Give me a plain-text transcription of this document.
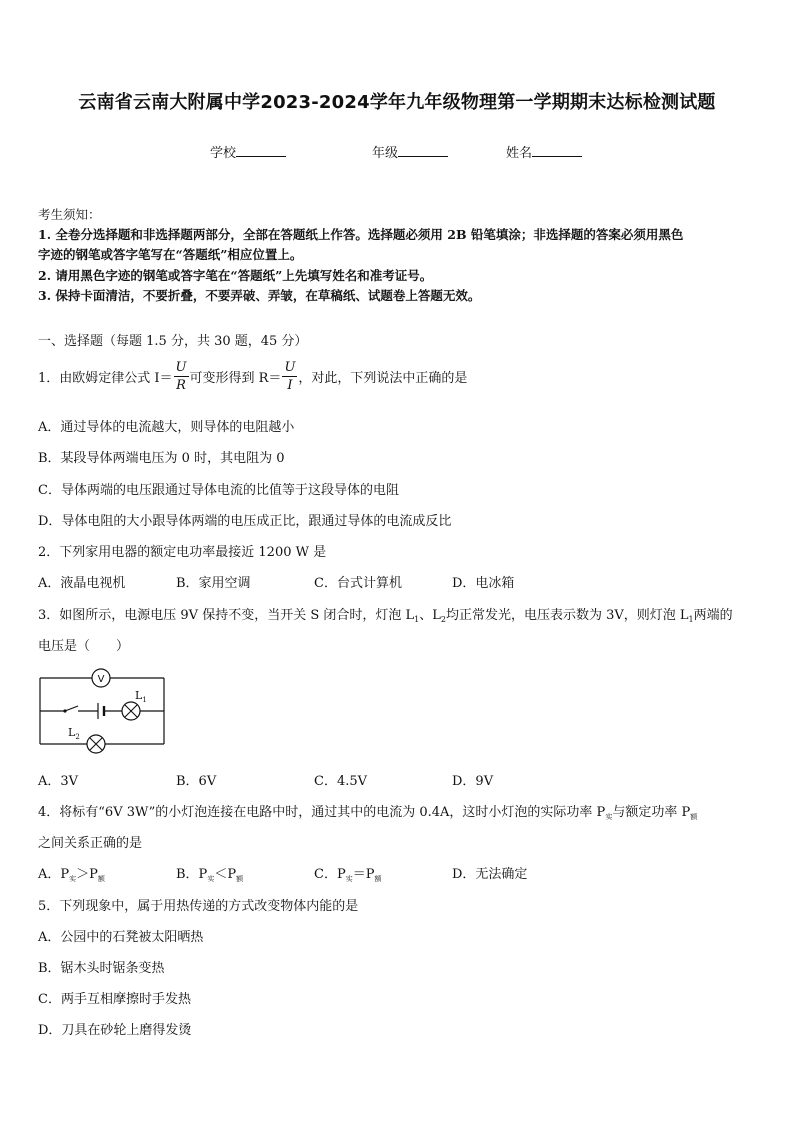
云南省云南大附属中学2023-2024学年九年级物理第一学期期末达标检测试题
学校	年级	姓名
考生须知：
1. 全卷分选择题和非选择题两部分，全部在答题纸上作答。选择题必须用 2B 铅笔填涂；非选择题的答案必须用黑色
字迹的钢笔或答字笔写在“答题纸”相应位置上。
2. 请用黑色字迹的钢笔或答字笔在“答题纸”上先填写姓名和准考证号。
3. 保持卡面清洁，不要折叠，不要弄破、弄皱，在草稿纸、试题卷上答题无效。
一、选择题（每题 1.5 分，共 30 题，45 分）
1．由欧姆定律公式 $I= \frac{U}{R}$ 可变形得到 $R= \frac{U}{I}$ ，对此，下列说法中正确的是
A．通过导体的电流越大，则导体的电阻越小
B．某段导体两端电压为 0 时，其电阻为 0
C．导体两端的电压跟通过导体电流的比值等于这段导体的电阻
D．导体电阻的大小跟导体两端的电压成正比，跟通过导体的电流成反比
2．下列家用电器的额定电功率最接近 1200 W 是
A．液晶电视机	B．家用空调	C．台式计算机	D．电冰箱
3．如图所示，电源电压 9V 保持不变，当开关 S 闭合时，灯泡 $L_1$、$L_2$均正常发光，电压表示数为 3V，则灯泡 $L_1$两端的
电压是（　　）
V
$L_1$
$L_2$
A．3V	B．6V	C．4.5V	D．9V
4．将标有“6V 3W”的小灯泡连接在电路中时，通过其中的电流为 0.4A，这时小灯泡的实际功率 $P_实$与额定功率 $P_额$
之间关系正确的是
A．$P_实>P_额$	B．$P_实<P_额$	C．$P_实=P_额$	D．无法确定
5．下列现象中，属于用热传递的方式改变物体内能的是
A．公园中的石凳被太阳晒热
B．锯木头时锯条变热
C．两手互相摩擦时手发热
D．刀具在砂轮上磨得发烫
